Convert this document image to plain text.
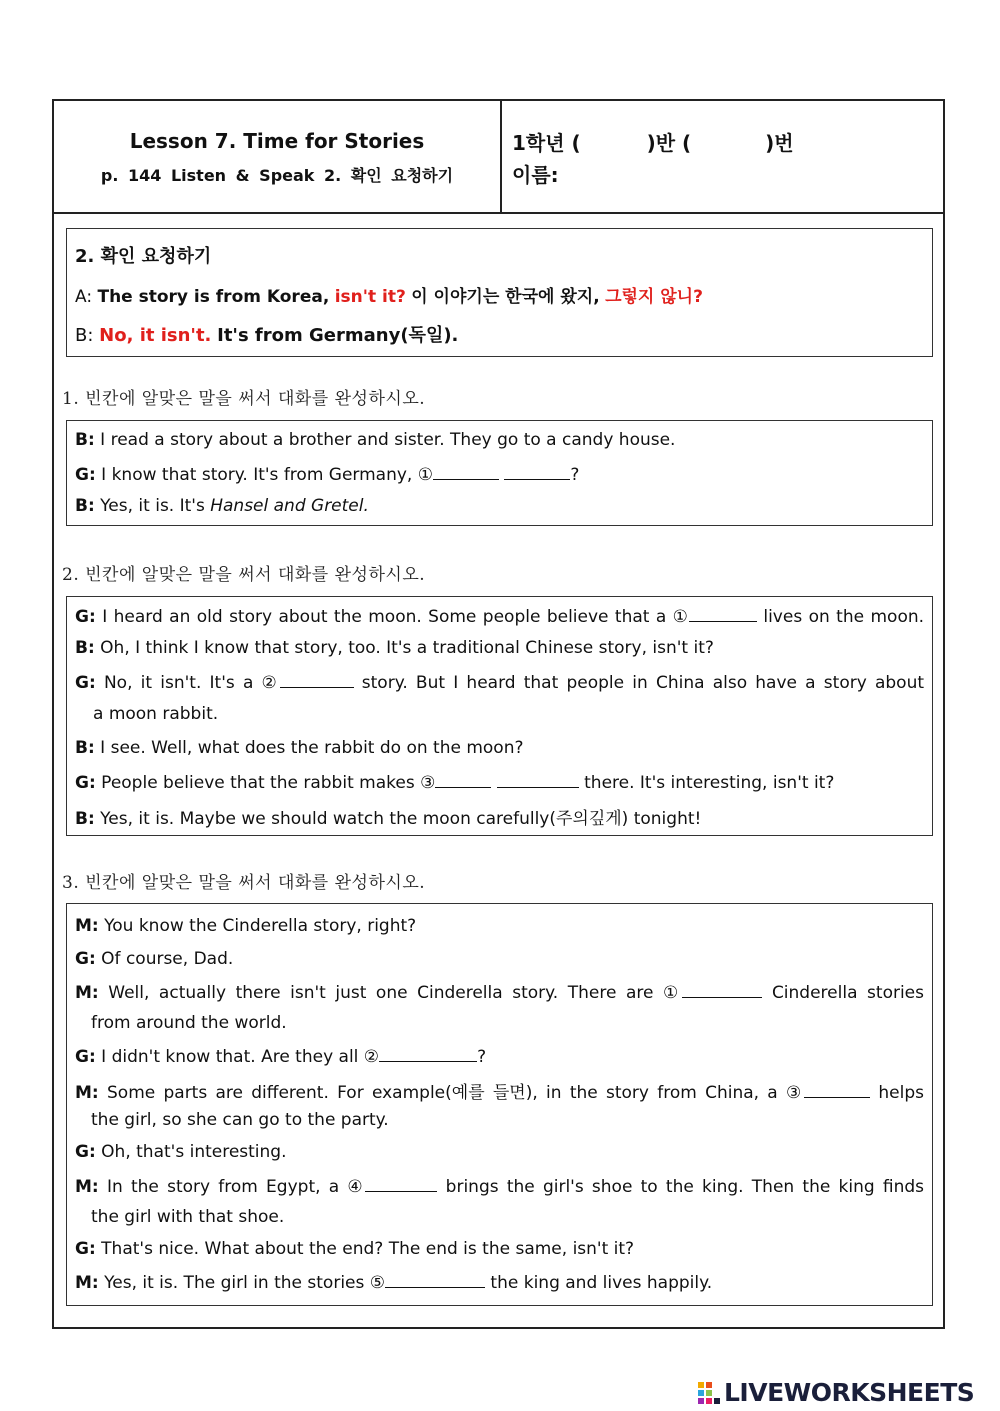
Lesson 7. Time for Stories
p. 144 Listen & Speak 2. 확인 요청하기
1학년 (	)반 (	)번
이름:
2. 확인 요청하기
A: The story is from Korea, isn't it? 이 이야기는 한국에 왔지, 그렇지 않니?
B: No, it isn't. It's from Germany(독일).
1. 빈칸에 알맞은 말을 써서 대화를 완성하시오.
B: I read a story about a brother and sister. They go to a candy house.
G: I know that story. It's from Germany, ①	?
B: Yes, it is. It's Hansel and Gretel.
2. 빈칸에 알맞은 말을 써서 대화를 완성하시오.
G: I heard an old story about the moon. Some people believe that a ①	lives on the moon.
B: Oh, I think I know that story, too. It's a traditional Chinese story, isn't it?
G: No, it isn't. It's a ②	story. But I heard that people in China also have a story about
a moon rabbit.
B: I see. Well, what does the rabbit do on the moon?
G: People believe that the rabbit makes ③	there. It's interesting, isn't it?
B: Yes, it is. Maybe we should watch the moon carefully(주의깊게) tonight!
3. 빈칸에 알맞은 말을 써서 대화를 완성하시오.
M: You know the Cinderella story, right?
G: Of course, Dad.
M: Well, actually there isn't just one Cinderella story. There are ①	Cinderella stories
from around the world.
G: I didn't know that. Are they all ②	?
M: Some parts are different. For example(예를 들면), in the story from China, a ③	helps
the girl, so she can go to the party.
G: Oh, that's interesting.
M: In the story from Egypt, a ④	brings the girl's shoe to the king. Then the king finds
the girl with that shoe.
G: That's nice. What about the end? The end is the same, isn't it?
M: Yes, it is. The girl in the stories ⑤	the king and lives happily.
LIVEWORKSHEETS
